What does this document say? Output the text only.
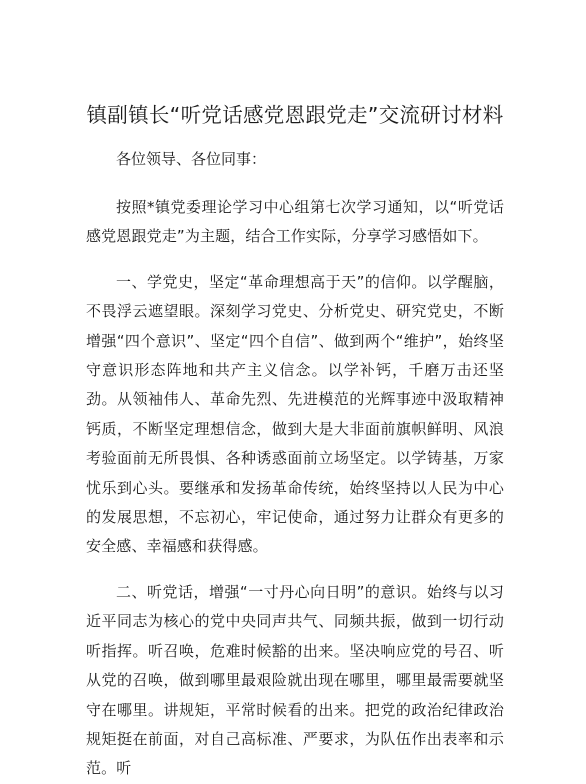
镇副镇长“听党话感党恩跟党走”交流研讨材料

各位领导、各位同事：

按照*镇党委理论学习中心组第七次学习通知，以“听党话感党恩跟党走”为主题，结合工作实际，分享学习感悟如下。

一、学党史，坚定“革命理想高于天”的信仰。以学醒脑，不畏浮云遮望眼。深刻学习党史、分析党史、研究党史，不断增强“四个意识”、坚定“四个自信”、做到两个“维护”，始终坚守意识形态阵地和共产主义信念。以学补钙，千磨万击还坚劲。从领袖伟人、革命先烈、先进模范的光辉事迹中汲取精神钙质，不断坚定理想信念，做到大是大非面前旗帜鲜明、风浪考验面前无所畏惧、各种诱惑面前立场坚定。以学铸基，万家忧乐到心头。要继承和发扬革命传统，始终坚持以人民为中心的发展思想，不忘初心，牢记使命，通过努力让群众有更多的安全感、幸福感和获得感。

二、听党话，增强“一寸丹心向日明”的意识。始终与以习近平同志为核心的党中央同声共气、同频共振，做到一切行动听指挥。听召唤，危难时候豁的出来。坚决响应党的号召、听从党的召唤，做到哪里最艰险就出现在哪里，哪里最需要就坚守在哪里。讲规矩，平常时候看的出来。把党的政治纪律政治规矩挺在前面，对自己高标准、严要求，为队伍作出表率和示范。听
